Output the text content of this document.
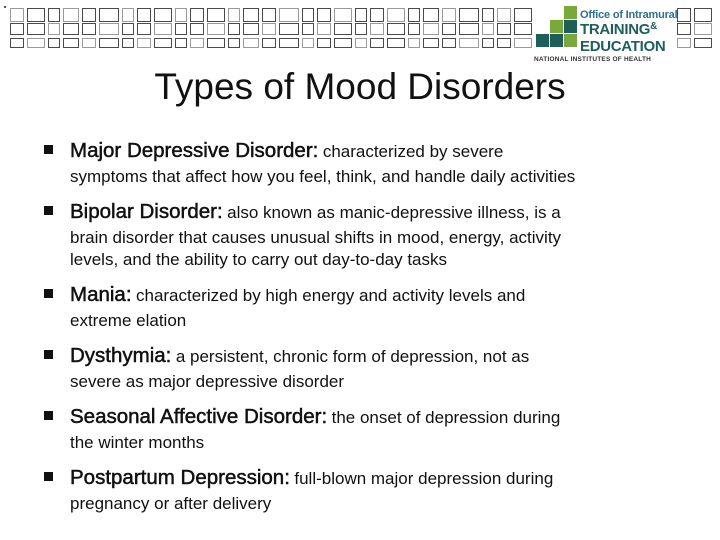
Office of Intramural
TRAINING&
EDUCATION
NATIONAL INSTITUTES OF HEALTH
Types of Mood Disorders
Major Depressive Disorder: characterized by severe
symptoms that affect how you feel, think, and handle daily activities
Bipolar Disorder: also known as manic-depressive illness, is a
brain disorder that causes unusual shifts in mood, energy, activity
levels, and the ability to carry out day-to-day tasks
Mania: characterized by high energy and activity levels and
extreme elation
Dysthymia: a persistent, chronic form of depression, not as
severe as major depressive disorder
Seasonal Affective Disorder: the onset of depression during
the winter months
Postpartum Depression: full-blown major depression during
pregnancy or after delivery
